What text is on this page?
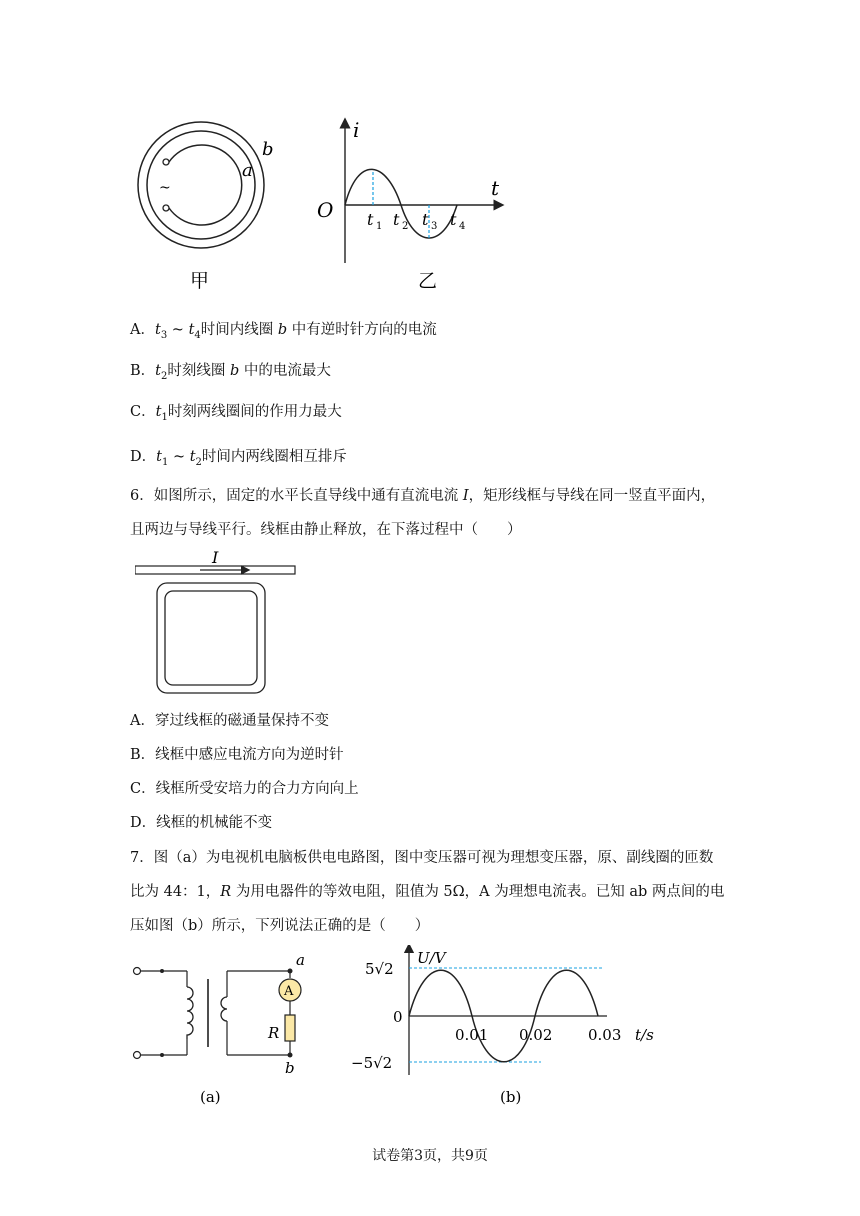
~
a
b
甲
i
t
O t 1 t 2 t 3 t 4
乙
A．$t_3$ ~ $t_4$时间内线圈 b 中有逆时针方向的电流
B．$t_2$时刻线圈 b 中的电流最大
C．$t_1$时刻两线圈间的作用力最大
D．$t_1$ ~ $t_2$时间内两线圈相互排斥
6．如图所示，固定的水平长直导线中通有直流电流 I，矩形线框与导线在同一竖直平面内，
且两边与导线平行。线框由静止释放，在下落过程中（　　）
I
A．穿过线框的磁通量保持不变
B．线框中感应电流方向为逆时针
C．线框所受安培力的合力方向向上
D．线框的机械能不变
7．图（a）为电视机电脑板供电电路图，图中变压器可视为理想变压器，原、副线圈的匝数
比为 44：1，R 为用电器件的等效电阻，阻值为 5Ω，A 为理想电流表。已知 ab 两点间的电
压如图（b）所示，下列说法正确的是（　　）
A
R
a
b
(a)
U/V
t/s
0
5√2
−5√2
0.01 0.02 0.03
(b)
试卷第3页，共9页
